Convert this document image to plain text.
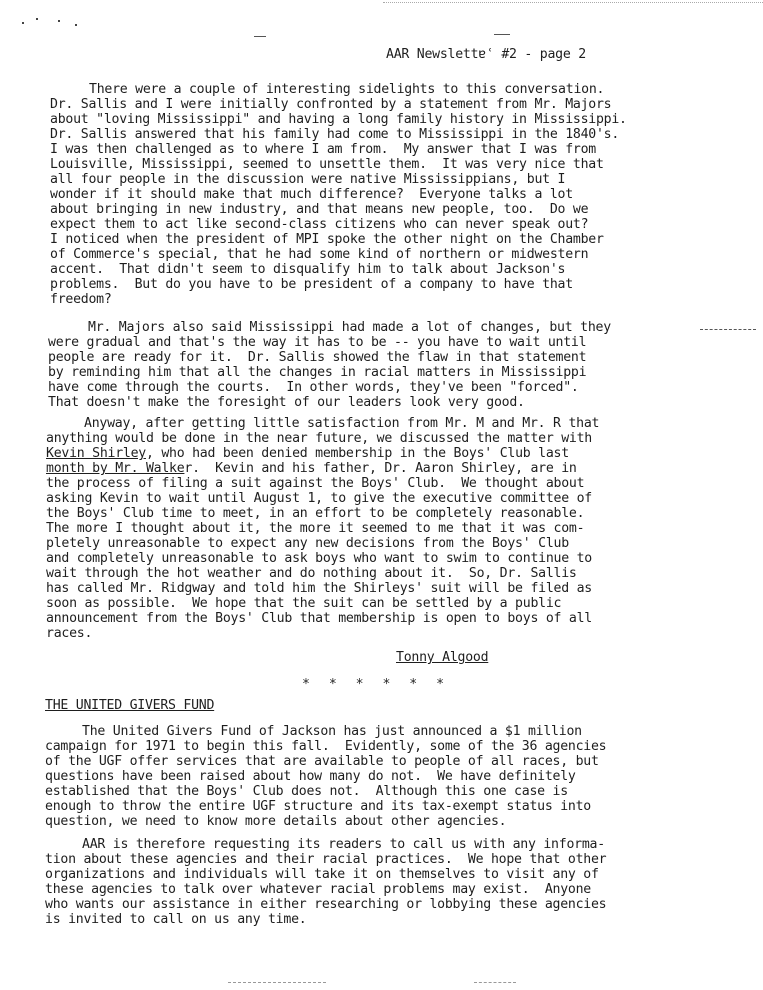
AAR Newslettɐʿ #2 - page 2
There were a couple of interesting sidelights to this conversation.
Dr. Sallis and I were initially confronted by a statement from Mr. Majors
about "loving Mississippi" and having a long family history in Mississippi.
Dr. Sallis answered that his family had come to Mississippi in the 1840's.
I was then challenged as to where I am from.  My answer that I was from
Louisville, Mississippi, seemed to unsettle them.  It was very nice that
all four people in the discussion were native Mississippians, but I
wonder if it should make that much difference?  Everyone talks a lot
about bringing in new industry, and that means new people, too.  Do we
expect them to act like second-class citizens who can never speak out?
I noticed when the president of MPI spoke the other night on the Chamber
of Commerce's special, that he had some kind of northern or midwestern
accent.  That didn't seem to disqualify him to talk about Jackson's
problems.  But do you have to be president of a company to have that
freedom?
Mr. Majors also said Mississippi had made a lot of changes, but they
were gradual and that's the way it has to be -- you have to wait until
people are ready for it.  Dr. Sallis showed the flaw in that statement
by reminding him that all the changes in racial matters in Mississippi
have come through the courts.  In other words, they've been "forced".
That doesn't make the foresight of our leaders look very good.
Anyway, after getting little satisfaction from Mr. M and Mr. R that
anything would be done in the near future, we discussed the matter with
Kevin Shirley, who had been denied membership in the Boys' Club last
month by Mr. Walker.  Kevin and his father, Dr. Aaron Shirley, are in
the process of filing a suit against the Boys' Club.  We thought about
asking Kevin to wait until August 1, to give the executive committee of
the Boys' Club time to meet, in an effort to be completely reasonable.
The more I thought about it, the more it seemed to me that it was com-
pletely unreasonable to expect any new decisions from the Boys' Club
and completely unreasonable to ask boys who want to swim to continue to
wait through the hot weather and do nothing about it.  So, Dr. Sallis
has called Mr. Ridgway and told him the Shirleys' suit will be filed as
soon as possible.  We hope that the suit can be settled by a public
announcement from the Boys' Club that membership is open to boys of all
races.
Tonny Algood
*  *  *  *  *  *
THE UNITED GIVERS FUND
The United Givers Fund of Jackson has just announced a $1 million
campaign for 1971 to begin this fall.  Evidently, some of the 36 agencies
of the UGF offer services that are available to people of all races, but
questions have been raised about how many do not.  We have definitely
established that the Boys' Club does not.  Although this one case is
enough to throw the entire UGF structure and its tax-exempt status into
question, we need to know more details about other agencies.
AAR is therefore requesting its readers to call us with any informa-
tion about these agencies and their racial practices.  We hope that other
organizations and individuals will take it on themselves to visit any of
these agencies to talk over whatever racial problems may exist.  Anyone
who wants our assistance in either researching or lobbying these agencies
is invited to call on us any time.
